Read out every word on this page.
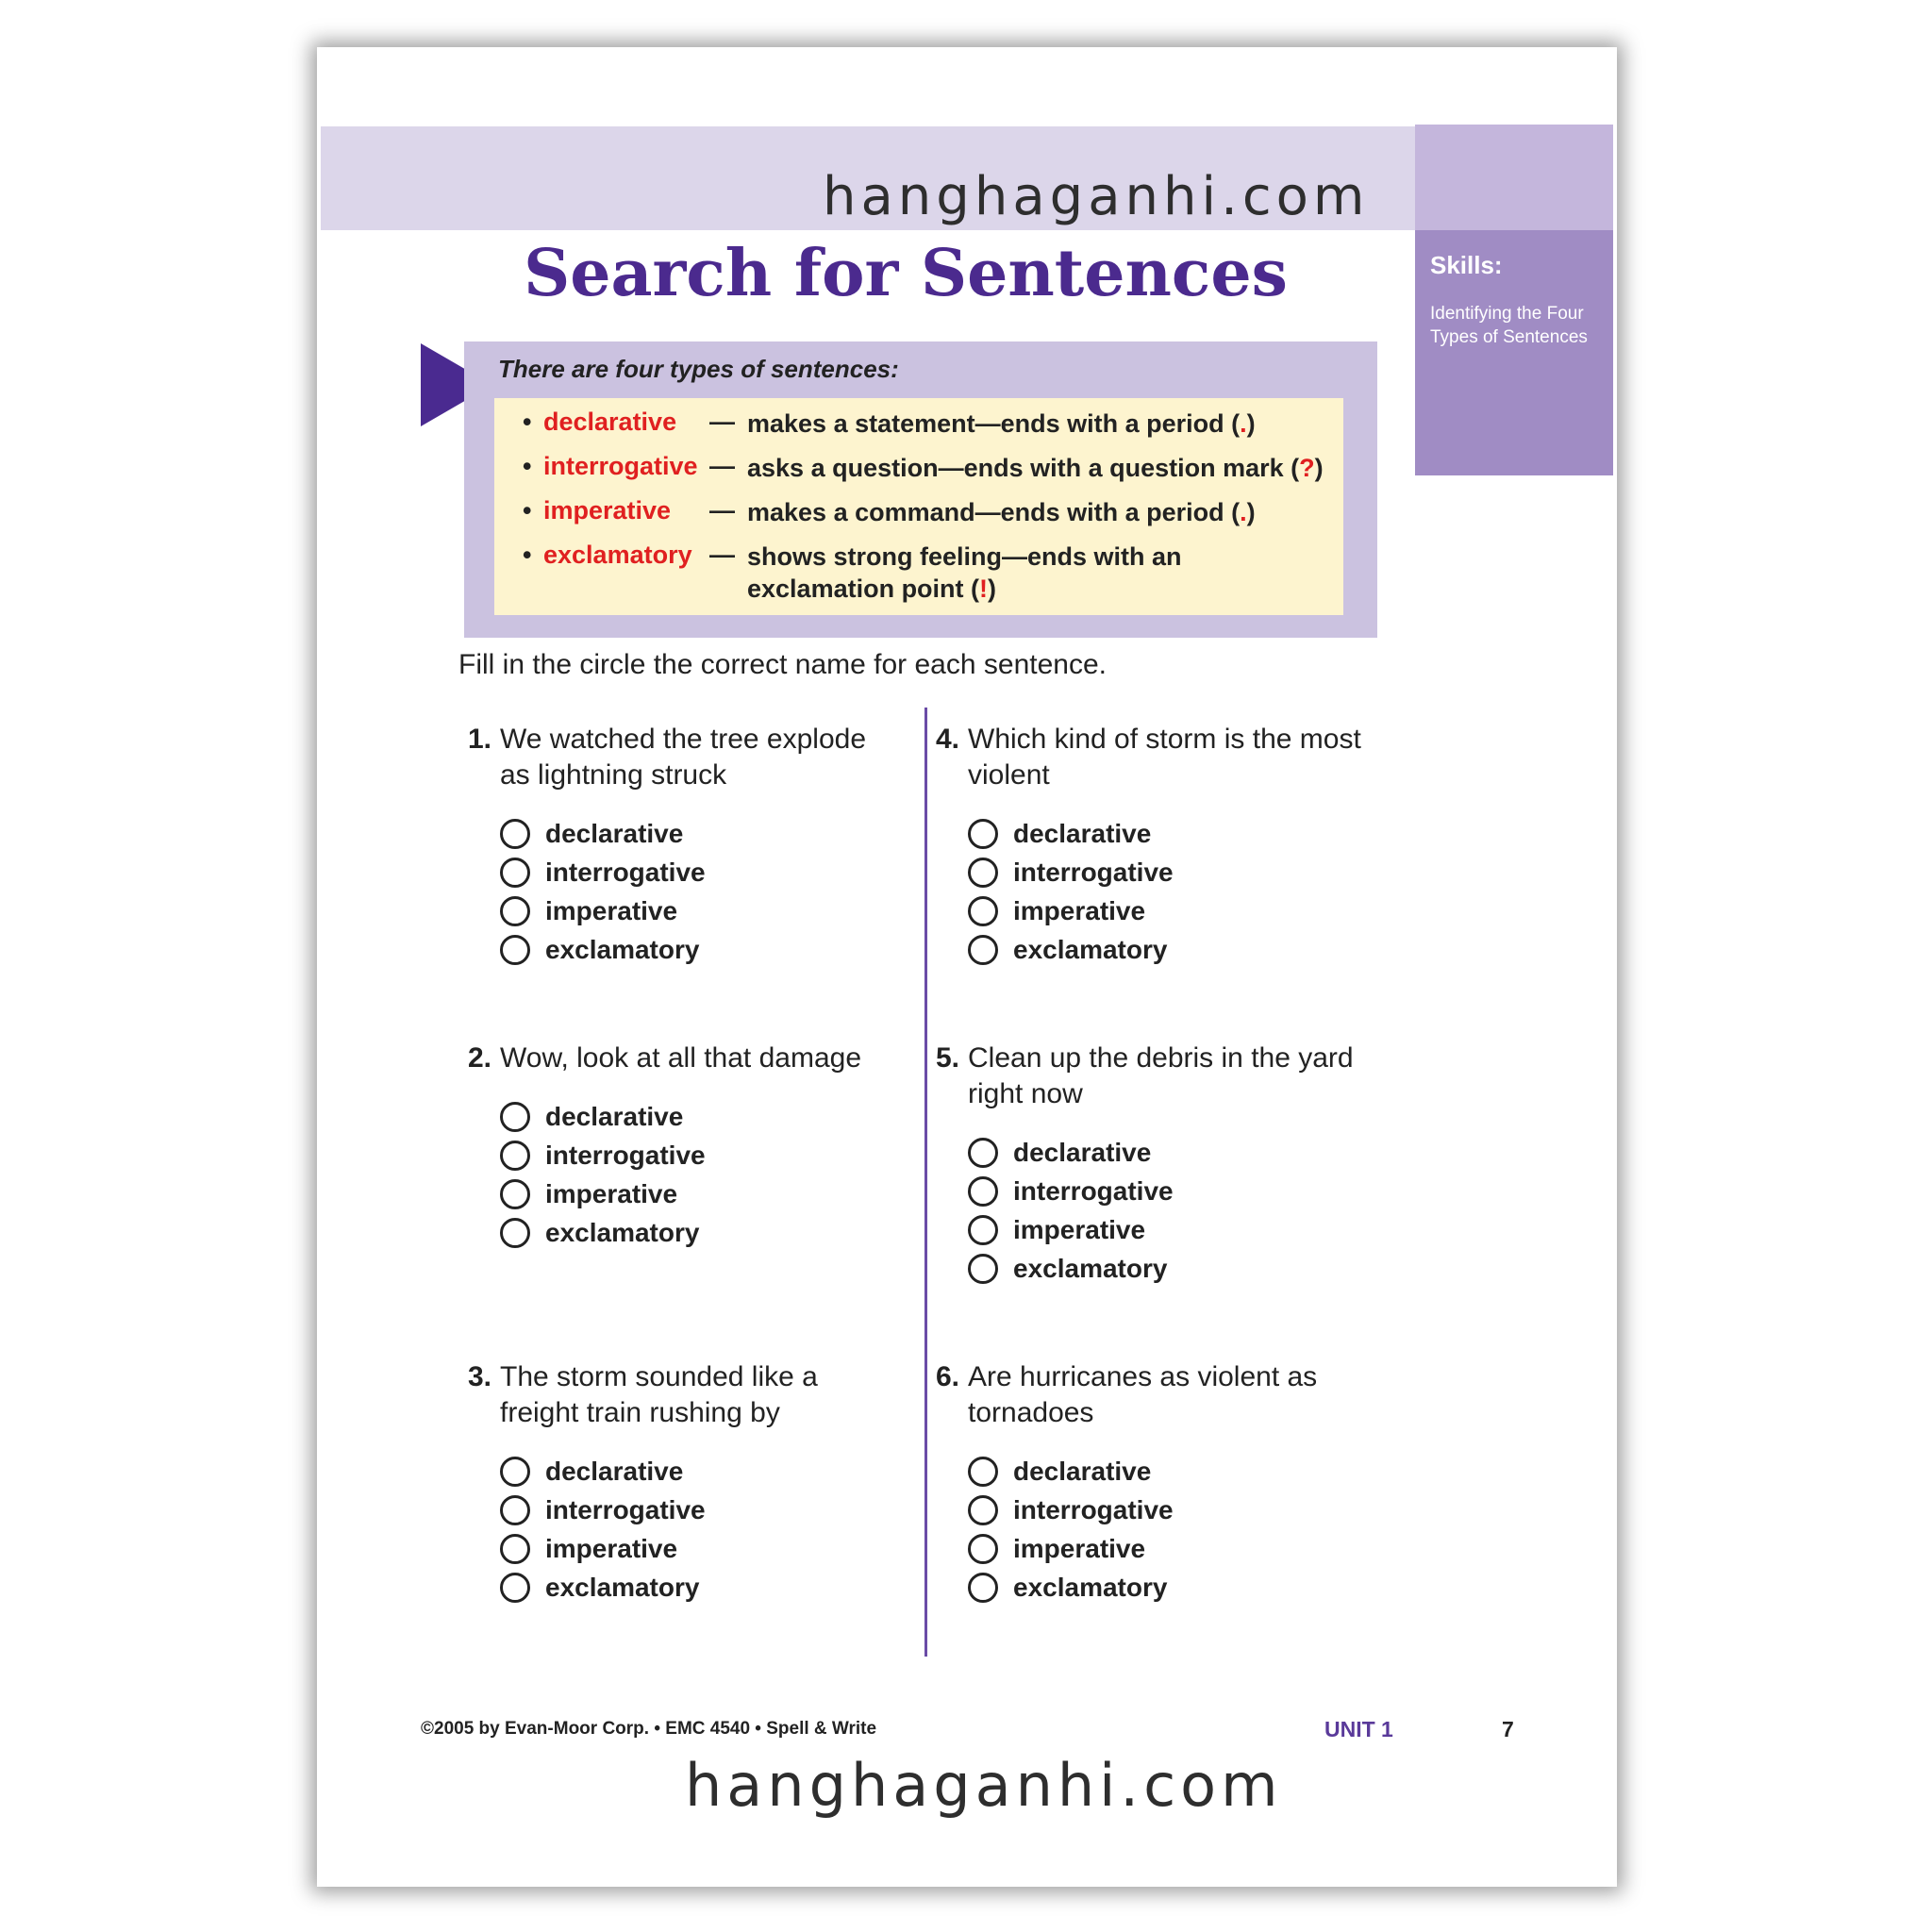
Skills:
Identifying the Four Types of Sentences
hanghaganhi.com
Search for Sentences
There are four types of sentences:
• declarative — makes a statement—ends with a period (.)
• interrogative — asks a question—ends with a question mark (?)
• imperative — makes a command—ends with a period (.)
• exclamatory — shows strong feeling—ends with an exclamation point (!)
Fill in the circle the correct name for each sentence.
1. We watched the tree explode as lightning struck
declarative
interrogative
imperative
exclamatory
2. Wow, look at all that damage
declarative
interrogative
imperative
exclamatory
3. The storm sounded like a freight train rushing by
declarative
interrogative
imperative
exclamatory
4. Which kind of storm is the most violent
declarative
interrogative
imperative
exclamatory
5. Clean up the debris in the yard right now
declarative
interrogative
imperative
exclamatory
6. Are hurricanes as violent as tornadoes
declarative
interrogative
imperative
exclamatory
©2005 by Evan-Moor Corp. • EMC 4540 • Spell & Write	UNIT 1	7
hanghaganhi.com
